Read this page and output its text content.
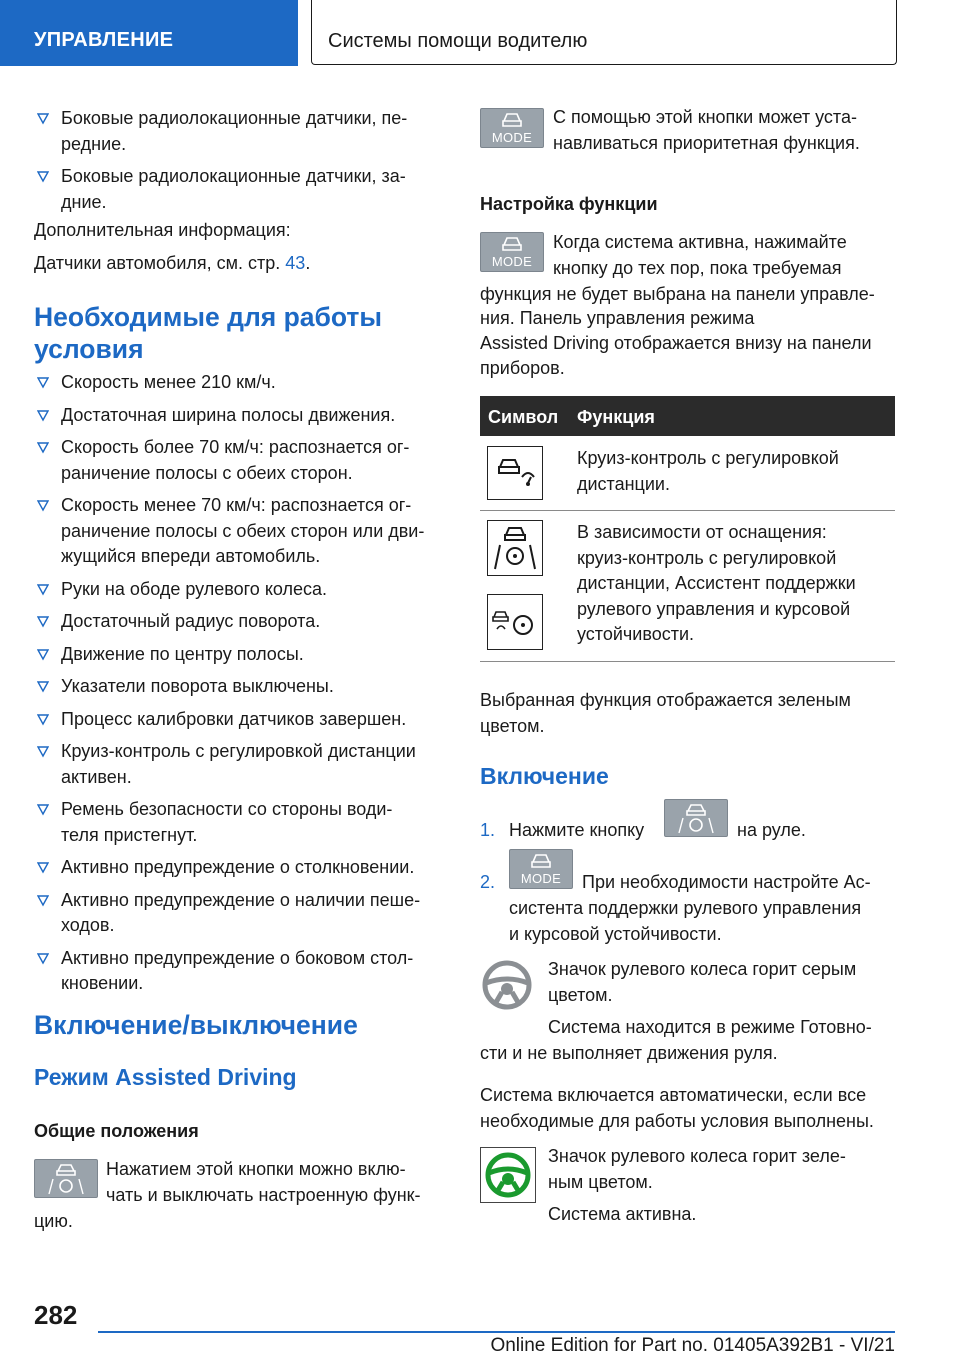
УПРАВЛЕНИЕ	Системы помощи водителю
Боковые радиолокационные датчики, пе-
редние.
Боковые радиолокационные датчики, за-
дние.
Дополнительная информация:
Датчики автомобиля, см. стр. 43.
Необходимые для работы
условия
Скорость менее 210 км/ч.
Достаточная ширина полосы движения.
Скорость более 70 км/ч: распознается ог-
раничение полосы с обеих сторон.
Скорость менее 70 км/ч: распознается ог-
раничение полосы с обеих сторон или дви-
жущийся впереди автомобиль.
Руки на ободе рулевого колеса.
Достаточный радиус поворота.
Движение по центру полосы.
Указатели поворота выключены.
Процесс калибровки датчиков завершен.
Круиз-контроль с регулировкой дистанции
активен.
Ремень безопасности со стороны води-
теля пристегнут.
Активно предупреждение о столкновении.
Активно предупреждение о наличии пеше-
ходов.
Активно предупреждение о боковом стол-
кновении.
Включение/выключение
Режим Assisted Driving
Общие положения
Нажатием этой кнопки можно вклю-
чать и выключать настроенную функ-
цию.
MODE
С помощью этой кнопки может уста-
навливаться приоритетная функция.
Настройка функции
MODE
Когда система активна, нажимайте
кнопку до тех пор, пока требуемая
функция не будет выбрана на панели управле-
ния. Панель управления режима
Assisted Driving отображается внизу на панели
приборов.
Символ Функция
Круиз-контроль с регулировкой
дистанции.
В зависимости от оснащения:
круиз-контроль с регулировкой
дистанции, Ассистент поддержки
рулевого управления и курсовой
устойчивости.
Выбранная функция отображается зеленым
цветом.
Включение
1. Нажмите кнопку	на руле.
2.	MODE	При необходимости настройте Ас-
систента поддержки рулевого управления
и курсовой устойчивости.
Значок рулевого колеса горит серым
цветом.
Система находится в режиме Готовно-
сти и не выполняет движения руля.
Система включается автоматически, если все
необходимые для работы условия выполнены.
Значок рулевого колеса горит зеле-
ным цветом.
Система активна.
282
Online Edition for Part no. 01405A392B1 - VI/21
